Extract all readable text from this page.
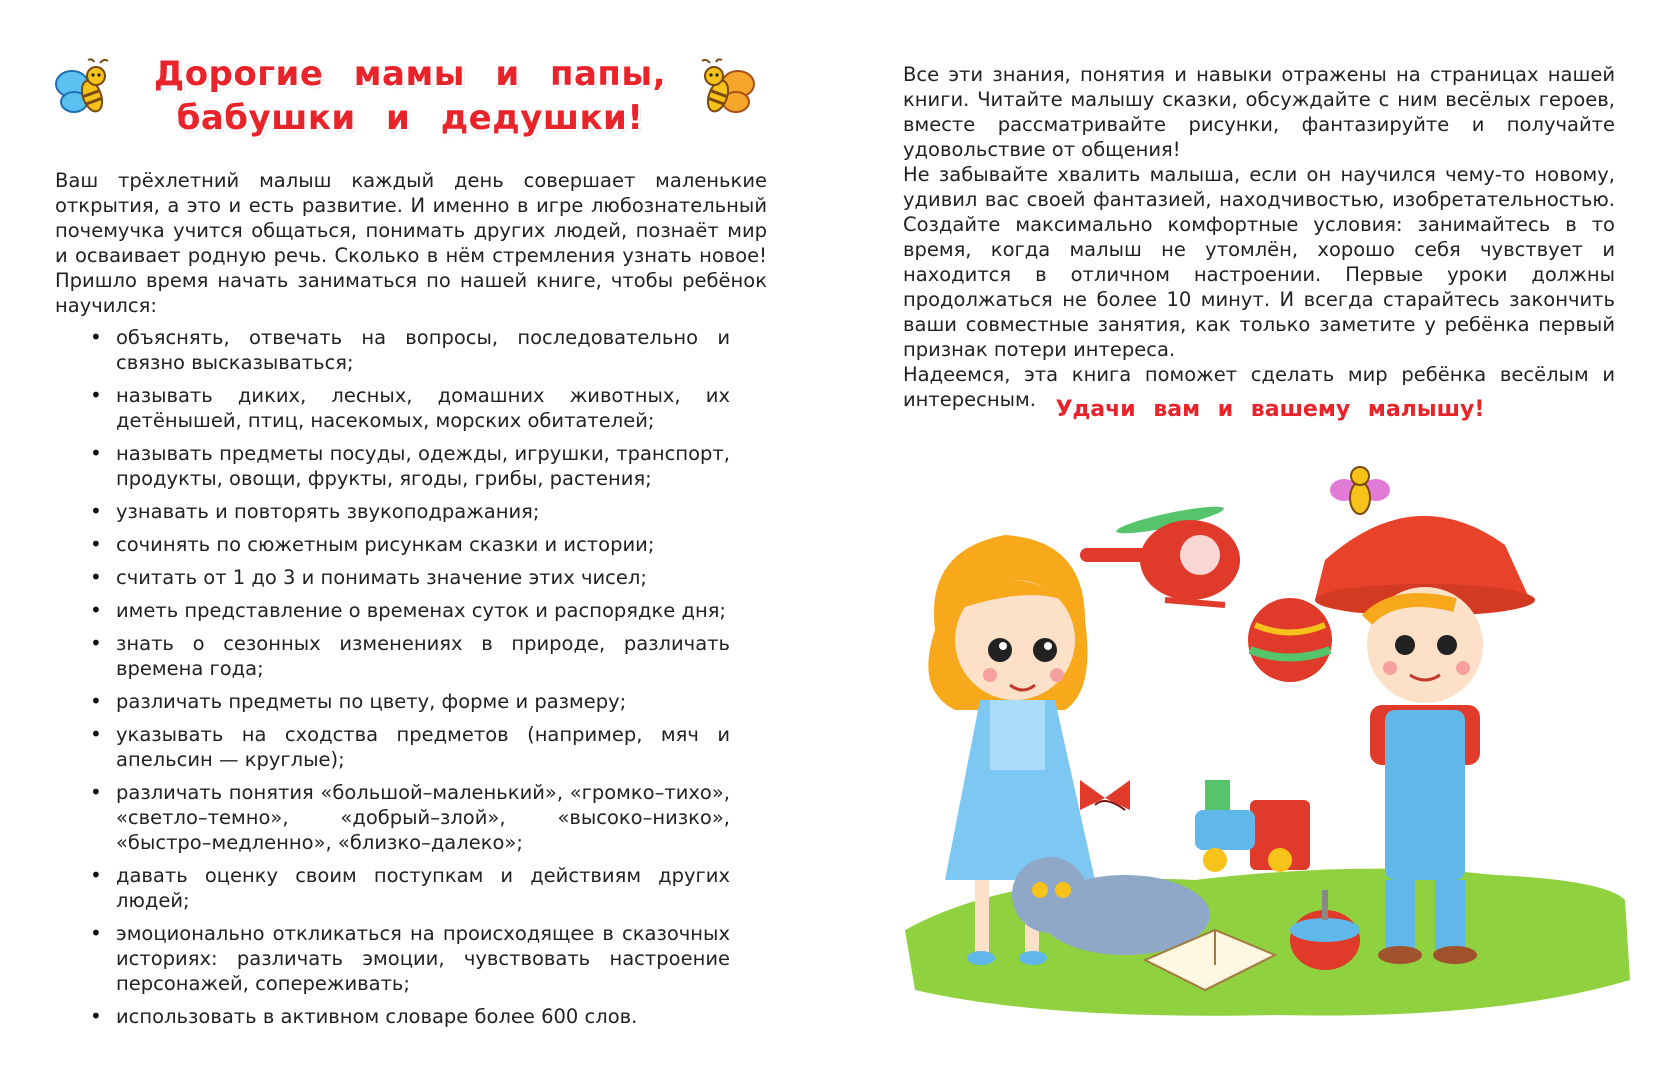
Дорогие мамы и папы,
бабушки и дедушки!

Ваш трёхлетний малыш каждый день совершает маленькие открытия, а это и есть развитие. И именно в игре любознательный почемучка учится общаться, понимать других людей, познаёт мир и осваивает родную речь. Сколько в нём стремления узнать новое! Пришло время начать заниматься по нашей книге, чтобы ребёнок научился:

• объяснять, отвечать на вопросы, последовательно и связно высказываться;
• называть диких, лесных, домашних животных, их детёнышей, птиц, насекомых, морских обитателей;
• называть предметы посуды, одежды, игрушки, транспорт, продукты, овощи, фрукты, ягоды, грибы, растения;
• узнавать и повторять звукоподражания;
• сочинять по сюжетным рисункам сказки и истории;
• считать от 1 до 3 и понимать значение этих чисел;
• иметь представление о временах суток и распорядке дня;
• знать о сезонных изменениях в природе, различать времена года;
• различать предметы по цвету, форме и размеру;
• указывать на сходства предметов (например, мяч и апельсин — круглые);
• различать понятия «большой–маленький», «громко–тихо», «светло–темно», «добрый–злой», «высоко–низко», «быстро–медленно», «близко–далеко»;
• давать оценку своим поступкам и действиям других людей;
• эмоционально откликаться на происходящее в сказочных историях: различать эмоции, чувствовать настроение персонажей, сопереживать;
• использовать в активном словаре более 600 слов.

Все эти знания, понятия и навыки отражены на страницах нашей книги. Читайте малышу сказки, обсуждайте с ним весёлых героев, вместе рассматривайте рисунки, фантазируйте и получайте удовольствие от общения!

Не забывайте хвалить малыша, если он научился чему-то новому, удивил вас своей фантазией, находчивостью, изобретательностью. Создайте максимально комфортные условия: занимайтесь в то время, когда малыш не утомлён, хорошо себя чувствует и находится в отличном настроении. Первые уроки должны продолжаться не более 10 минут. И всегда старайтесь закончить ваши совместные занятия, как только заметите у ребёнка первый признак потери интереса.

Надеемся, эта книга поможет сделать мир ребёнка весёлым и интересным. Удачи вам и вашему малышу!
